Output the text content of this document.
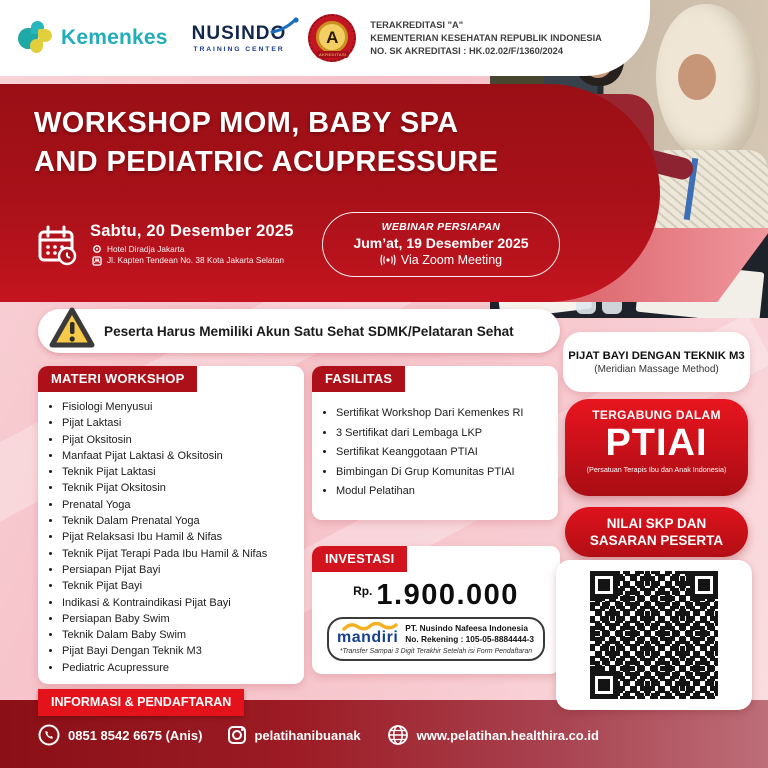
WORKSHOP MOM, BABY SPA
AND PEDIATRIC ACUPRESSURE
Sabtu, 20 Desember 2025
Hotel Diradja Jakarta
Jl. Kapten Tendean No. 38 Kota Jakarta Selatan
WEBINAR PERSIAPAN
Jum’at, 19 Desember 2025
Via Zoom Meeting
Peserta Harus Memiliki Akun Satu Sehat SDMK/Pelataran Sehat
MATERI WORKSHOP
• Fisiologi Menyusui
• Pijat Laktasi
• Pijat Oksitosin
• Manfaat Pijat Laktasi & Oksitosin
• Teknik Pijat Laktasi
• Teknik Pijat Oksitosin
• Prenatal Yoga
• Teknik Dalam Prenatal Yoga
• Pijat Relaksasi Ibu Hamil & Nifas
• Teknik Pijat Terapi Pada Ibu Hamil & Nifas
• Persiapan Pijat Bayi
• Teknik Pijat Bayi
• Indikasi & Kontraindikasi Pijat Bayi
• Persiapan Baby Swim
• Teknik Dalam Baby Swim
• Pijat Bayi Dengan Teknik M3
• Pediatric Acupressure
FASILITAS
• Sertifikat Workshop Dari Kemenkes RI
• 3 Sertifikat dari Lembaga LKP
• Sertifikat Keanggotaan PTIAI
• Bimbingan Di Grup Komunitas PTIAI
• Modul Pelatihan
INVESTASI
Rp. 1.900.000
mandiri
PT. Nusindo Nafeesa Indonesia
No. Rekening : 105-05-8884444-3
*Transfer Sampai 3 Digit Terakhir Setelah isi Form Pendaftaran
PIJAT BAYI DENGAN TEKNIK M3
(Meridian Massage Method)
TERGABUNG DALAM
PTIAI
(Persatuan Terapis Ibu dan Anak Indonesia)
NILAI SKP DAN
SASARAN PESERTA
INFORMASI & PENDAFTARAN
0851 8542 6675 (Anis)	pelatihanibuanak	www.pelatihan.healthira.co.id
Kemenkes NUSINDO
TRAINING CENTER
A
AKREDITASI
TERAKREDITASI "A"
KEMENTERIAN KESEHATAN REPUBLIK INDONESIA
NO. SK AKREDITASI : HK.02.02/F/1360/2024
